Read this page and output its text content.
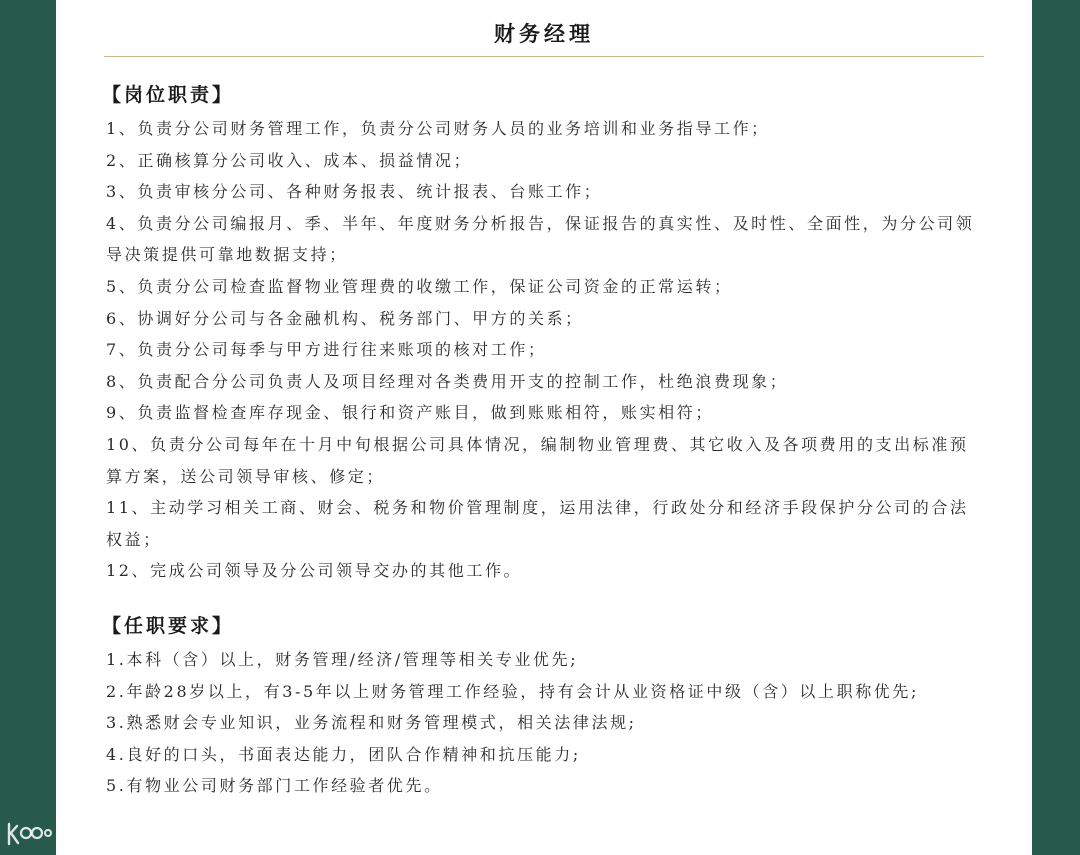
财务经理
【岗位职责】
1、负责分公司财务管理工作，负责分公司财务人员的业务培训和业务指导工作；
2、正确核算分公司收入、成本、损益情况；
3、负责审核分公司、各种财务报表、统计报表、台账工作；
4、负责分公司编报月、季、半年、年度财务分析报告，保证报告的真实性、及时性、全面性，为分公司领导决策提供可靠地数据支持；
5、负责分公司检查监督物业管理费的收缴工作，保证公司资金的正常运转；
6、协调好分公司与各金融机构、税务部门、甲方的关系；
7、负责分公司每季与甲方进行往来账项的核对工作；
8、负责配合分公司负责人及项目经理对各类费用开支的控制工作，杜绝浪费现象；
9、负责监督检查库存现金、银行和资产账目，做到账账相符，账实相符；
10、负责分公司每年在十月中旬根据公司具体情况，编制物业管理费、其它收入及各项费用的支出标准预算方案，送公司领导审核、修定；
11、主动学习相关工商、财会、税务和物价管理制度，运用法律，行政处分和经济手段保护分公司的合法权益；
12、完成公司领导及分公司领导交办的其他工作。
【任职要求】
1.本科（含）以上，财务管理/经济/管理等相关专业优先;
2.年龄28岁以上，有3-5年以上财务管理工作经验，持有会计从业资格证中级（含）以上职称优先;
3.熟悉财会专业知识，业务流程和财务管理模式，相关法律法规;
4.良好的口头，书面表达能力，团队合作精神和抗压能力;
5.有物业公司财务部门工作经验者优先。
大数跨境
